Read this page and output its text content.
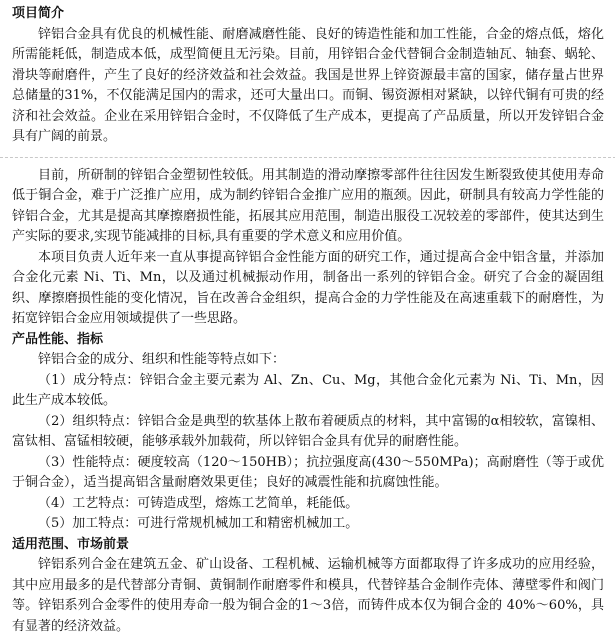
项目简介

锌铝合金具有优良的机械性能、耐磨减磨性能、良好的铸造性能和加工性能，合金的熔点低，熔化所需能耗低，制造成本低，成型简便且无污染。目前，用锌铝合金代替铜合金制造轴瓦、轴套、蜗轮、滑块等耐磨件，产生了良好的经济效益和社会效益。我国是世界上锌资源最丰富的国家，储存量占世界总储量的31%，不仅能满足国内的需求，还可大量出口。而铜、锡资源相对紧缺，以锌代铜有可贵的经济和社会效益。企业在采用锌铝合金时，不仅降低了生产成本，更提高了产品质量，所以开发锌铝合金具有广阔的前景。

目前，所研制的锌铝合金塑韧性较低。用其制造的滑动摩擦零部件往往因发生断裂致使其使用寿命低于铜合金，难于广泛推广应用，成为制约锌铝合金推广应用的瓶颈。因此，研制具有较高力学性能的锌铝合金，尤其是提高其摩擦磨损性能，拓展其应用范围，制造出服役工况较差的零部件，使其达到生产实际的要求,实现节能减排的目标,具有重要的学术意义和应用价值。

本项目负责人近年来一直从事提高锌铝合金性能方面的研究工作，通过提高合金中铝含量，并添加合金化元素 Ni、Ti、Mn，以及通过机械振动作用，制备出一系列的锌铝合金。研究了合金的凝固组织、摩擦磨损性能的变化情况，旨在改善合金组织，提高合金的力学性能及在高速重载下的耐磨性，为拓宽锌铝合金应用领域提供了一些思路。

产品性能、指标

锌铝合金的成分、组织和性能等特点如下：

（1）成分特点：锌铝合金主要元素为 Al、Zn、Cu、Mg，其他合金化元素为 Ni、Ti、Mn，因此生产成本较低。

（2）组织特点：锌铝合金是典型的软基体上散布着硬质点的材料，其中富锡的α相较软，富镍相、富钛相、富锰相较硬，能够承载外加载荷，所以锌铝合金具有优异的耐磨性能。

（3）性能特点：硬度较高（120～150HB）；抗拉强度高(430～550MPa)；高耐磨性（等于或优于铜合金），适当提高铝含量耐磨效果更佳；良好的减震性能和抗腐蚀性能。

（4）工艺特点：可铸造成型，熔炼工艺简单，耗能低。

（5）加工特点：可进行常规机械加工和精密机械加工。

适用范围、市场前景

锌铝系列合金在建筑五金、矿山设备、工程机械、运输机械等方面都取得了许多成功的应用经验，其中应用最多的是代替部分青铜、黄铜制作耐磨零件和模具，代替锌基合金制作壳体、薄壁零件和阀门等。锌铝系列合金零件的使用寿命一般为铜合金的1～3倍，而铸件成本仅为铜合金的 40%～60%，具有显著的经济效益。
